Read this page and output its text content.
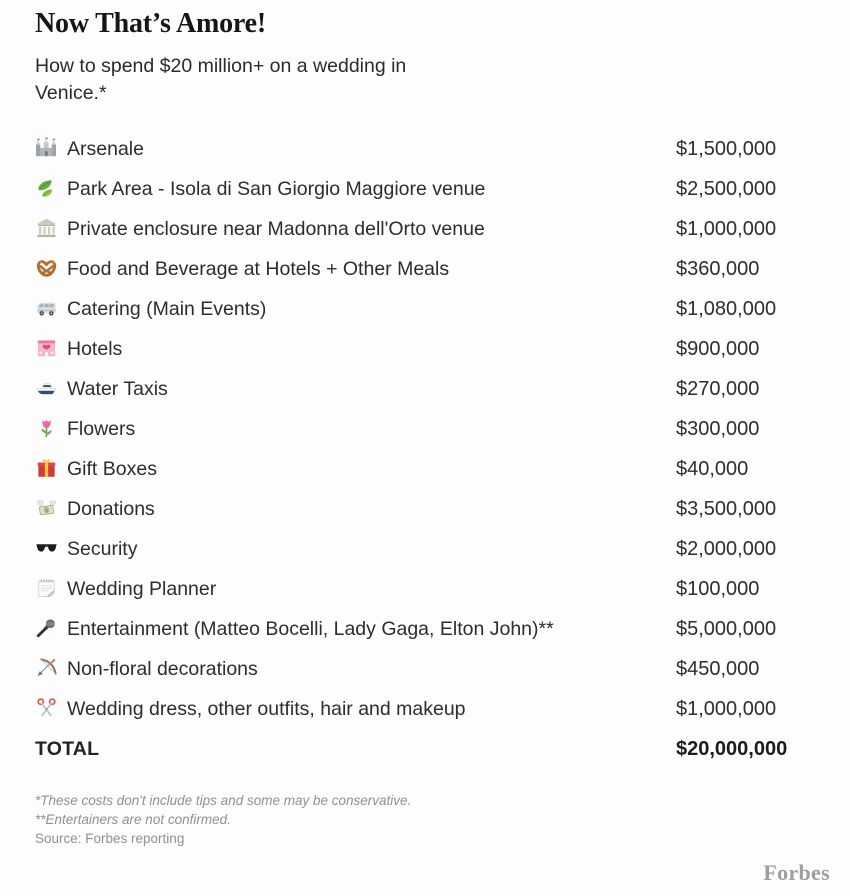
Now That’s Amore!

How to spend $20 million+ on a wedding in Venice.*

Arsenale	$1,500,000
Park Area - Isola di San Giorgio Maggiore venue	$2,500,000
Private enclosure near Madonna dell'Orto venue	$1,000,000
Food and Beverage at Hotels + Other Meals	$360,000
Catering (Main Events)	$1,080,000
Hotels	$900,000
Water Taxis	$270,000
Flowers	$300,000
Gift Boxes	$40,000
Donations	$3,500,000
Security	$2,000,000
Wedding Planner	$100,000
Entertainment (Matteo Bocelli, Lady Gaga, Elton John)**	$5,000,000
Non-floral decorations	$450,000
Wedding dress, other outfits, hair and makeup	$1,000,000
TOTAL	$20,000,000

*These costs don't include tips and some may be conservative.

**Entertainers are not confirmed.

Source: Forbes reporting

Forbes
